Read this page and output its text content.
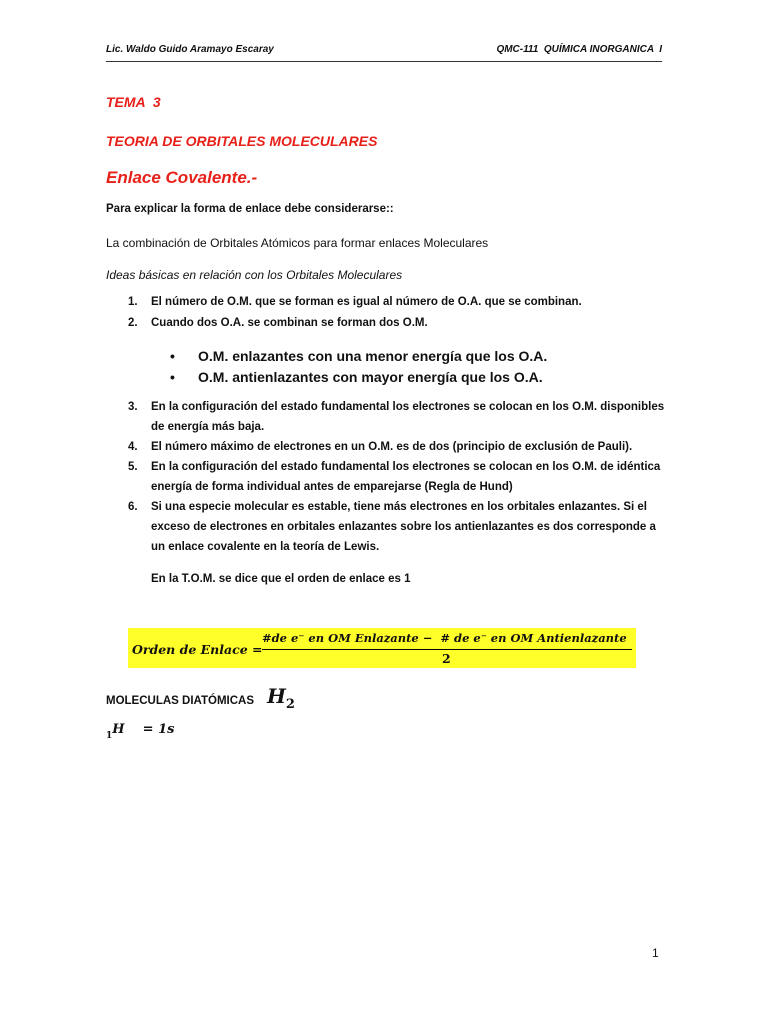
Lic. Waldo Guido Aramayo Escaray	QMC-111  QUÍMICA INORGANICA  I
TEMA  3
TEORIA DE ORBITALES MOLECULARES
Enlace Covalente.-
Para explicar la forma de enlace debe considerarse::
La combinación de Orbitales Atómicos para formar enlaces Moleculares
Ideas básicas en relación con los Orbitales Moleculares
1. El número de O.M. que se forman es igual al número de O.A. que se combinan.
2. Cuando dos O.A. se combinan se forman dos O.M.

•

O.M. enlazantes con una menor energía que los O.A.

•

O.M. antienlazantes con mayor energía que los O.A.

3. En la configuración del estado fundamental los electrones se colocan en los O.M. disponibles de energía más baja.
4. El número máximo de electrones en un O.M. es de dos (principio de exclusión de Pauli).
5. En la configuración del estado fundamental los electrones se colocan en los O.M. de idéntica energía de forma individual antes de emparejarse (Regla de Hund)
6. Si una especie molecular es estable, tiene más electrones en los orbitales enlazantes. Si el exceso de electrones en orbitales enlazantes sobre los antienlazantes es dos corresponde a un enlace covalente en la teoría de Lewis.
En la T.O.M. se dice que el orden de enlace es 1
Orden de Enlace =
#de e⁻ en OM Enlazante −  # de e⁻ en OM Antienlazante
2
MOLECULAS DIATÓMICAS $H_2$
$_1$H    = 1s
1
